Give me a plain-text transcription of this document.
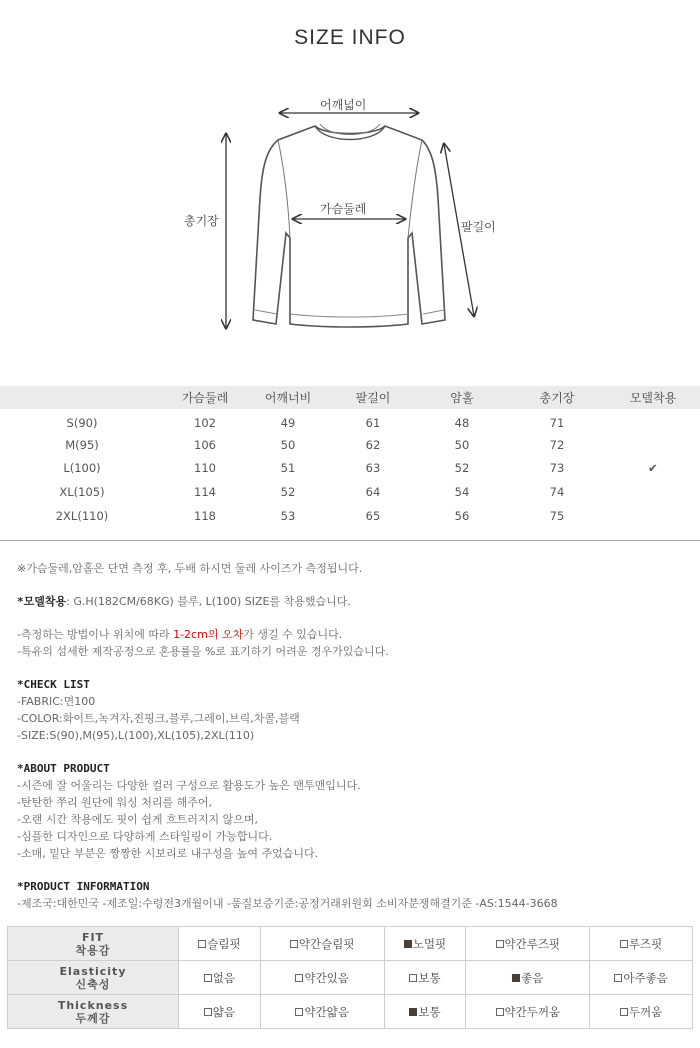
SIZE INFO
어깨넓이
가슴둘레
총기장	팔길이
	가슴둘레	어깨너비	팔길이	암홀	총기장	모델착용
S(90)	102	49	61	48	71	
M(95)	106	50	62	50	72	
L(100)	110	51	63	52	73	✔
XL(105)	114	52	64	54	74	
2XL(110)	118	53	65	56	75	

※가슴둘레,암홀은 단면 측정 후, 두배 하시면 둘레 사이즈가 측정됩니다.

*모델착용: G.H(182CM/68KG) 블루, L(100) SIZE를 착용했습니다.

-측정하는 방법이나 위치에 따라 1-2cm의 오차가 생길 수 있습니다.

-특유의 섬세한 제작공정으로 혼용률을 %로 표기하기 어려운 경우가있습니다.

*CHECK LIST

-FABRIC:면100

-COLOR:화이트,녹겨자,진핑크,블루,그레이,브릭,차콜,블랙

-SIZE:S(90),M(95),L(100),XL(105),2XL(110)

*ABOUT PRODUCT

-시즌에 잘 어울리는 다양한 컬러 구성으로 활용도가 높은 맨투맨입니다.

-탄탄한 쭈리 원단에 워싱 처리를 해주어,

-오랜 시간 착용에도 핏이 쉽게 흐트러지지 않으며,

-심플한 디자인으로 다양하게 스타일링이 가능합니다.

-소매, 밑단 부분은 짱짱한 시보리로 내구성을 높여 주었습니다.

*PRODUCT INFORMATION

-제조국:대한민국 -제조일:수령전3개월이내 -품질보증기준:공정거래위원회 소비자분쟁해결기준 -AS:1544-3668

FIT
착용감	슬림핏	약간슬림핏	노멀핏	약간루즈핏	루즈핏

Elasticity
신축성	없음	약간있음	보통	좋음	아주좋음

Thickness
두께감	얇음	약간얇음	보통	약간두꺼움	두꺼움
